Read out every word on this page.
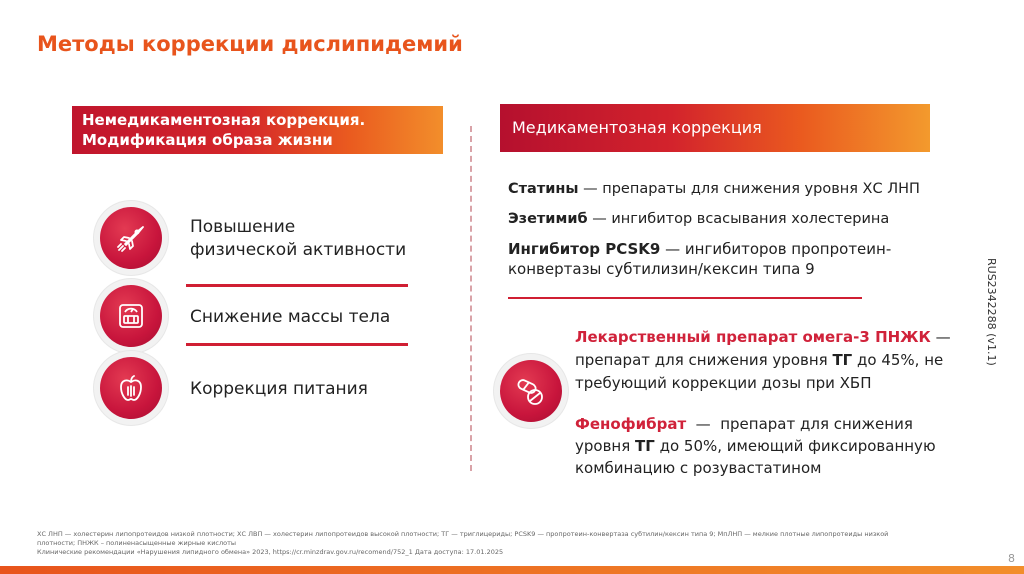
Методы коррекции дислипидемий
Немедикаментозная коррекция.
Модификация образа жизни
Медикаментозная коррекция
Повышение
физической активности
Снижение массы тела
Коррекция питания
Статины — препараты для снижения уровня ХС ЛНП
Эзетимиб — ингибитор всасывания холестерина
Ингибитор PCSK9 — ингибиторов пропротеин-
конвертазы субтилизин/кексин типа 9
Лекарственный препарат омега-3 ПНЖК —
препарат для снижения уровня ТГ до 45%, не
требующий коррекции дозы при ХБП
Фенофибрат  —  препарат для снижения
уровня ТГ до 50%, имеющий фиксированную
комбинацию с розувастатином
RUS2342288 (v1.1)
ХС ЛНП — холестерин липопротеидов низкой плотности; ХС ЛВП — холестерин липопротеидов высокой плотности; ТГ — триглицериды; PCSK9 — пропротеин-конвертаза субтилин/кексин типа 9; МпЛНП — мелкие плотные липопротеиды низкой
плотности; ПНЖК – полиненасыщенные жирные кислоты
Клинические рекомендации «Нарушения липидного обмена» 2023, https://cr.minzdrav.gov.ru/recomend/752_1 Дата доступа: 17.01.2025	8
